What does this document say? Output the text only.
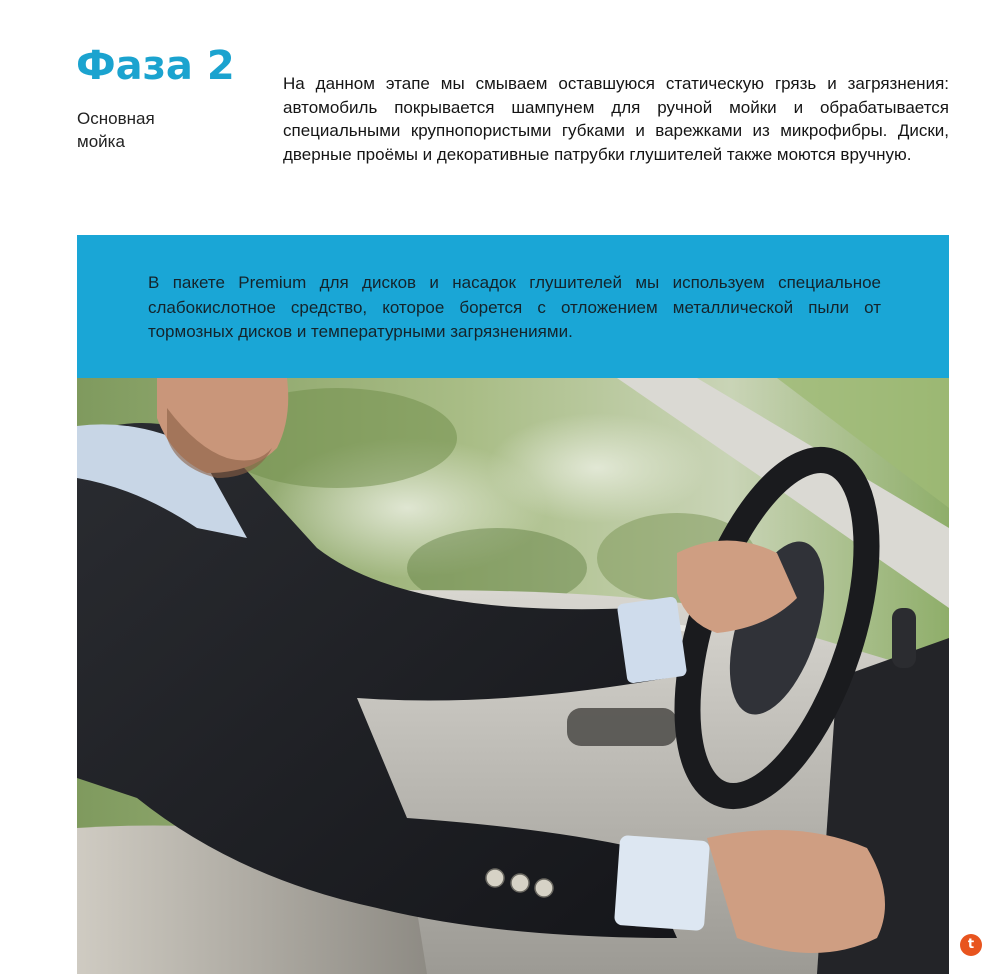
Фаза 2
Основная
мойка

На данном этапе мы смываем оставшуюся статическую грязь и загрязнения: автомобиль покрывается шампунем для ручной мойки и обрабатывается специальными крупнопористыми губками и варежками из микрофибры. Диски, дверные проёмы и декоративные патрубки глушителей также моются вручную.

В пакете Premium для дисков и насадок глушителей мы используем специальное слабокислотное средство, которое борется с отложением металлической пыли от тормозных дисков и температурными загрязнениями.

t
